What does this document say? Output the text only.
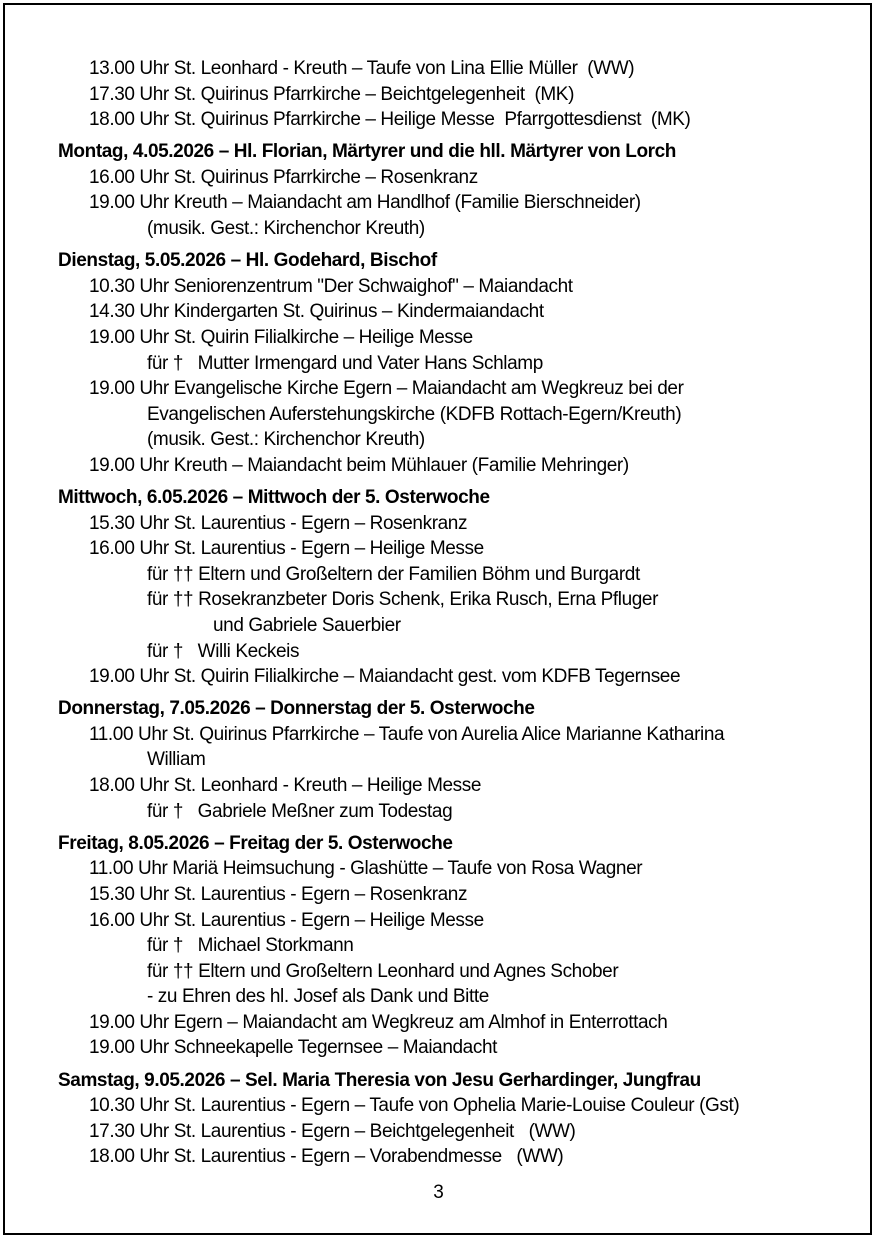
13.00 Uhr St. Leonhard - Kreuth – Taufe von Lina Ellie Müller  (WW)
17.30 Uhr St. Quirinus Pfarrkirche – Beichtgelegenheit  (MK)
18.00 Uhr St. Quirinus Pfarrkirche – Heilige Messe  Pfarrgottesdienst  (MK)
Montag, 4.05.2026 – Hl. Florian, Märtyrer und die hll. Märtyrer von Lorch
16.00 Uhr St. Quirinus Pfarrkirche – Rosenkranz
19.00 Uhr Kreuth – Maiandacht am Handlhof (Familie Bierschneider)
(musik. Gest.: Kirchenchor Kreuth)
Dienstag, 5.05.2026 – Hl. Godehard, Bischof
10.30 Uhr Seniorenzentrum "Der Schwaighof" – Maiandacht
14.30 Uhr Kindergarten St. Quirinus – Kindermaiandacht
19.00 Uhr St. Quirin Filialkirche – Heilige Messe
für †   Mutter Irmengard und Vater Hans Schlamp
19.00 Uhr Evangelische Kirche Egern – Maiandacht am Wegkreuz bei der
Evangelischen Auferstehungskirche (KDFB Rottach-Egern/Kreuth)
(musik. Gest.: Kirchenchor Kreuth)
19.00 Uhr Kreuth – Maiandacht beim Mühlauer (Familie Mehringer)
Mittwoch, 6.05.2026 – Mittwoch der 5. Osterwoche
15.30 Uhr St. Laurentius - Egern – Rosenkranz
16.00 Uhr St. Laurentius - Egern – Heilige Messe
für †† Eltern und Großeltern der Familien Böhm und Burgardt
für †† Rosekranzbeter Doris Schenk, Erika Rusch, Erna Pfluger
und Gabriele Sauerbier
für †   Willi Keckeis
19.00 Uhr St. Quirin Filialkirche – Maiandacht gest. vom KDFB Tegernsee
Donnerstag, 7.05.2026 – Donnerstag der 5. Osterwoche
11.00 Uhr St. Quirinus Pfarrkirche – Taufe von Aurelia Alice Marianne Katharina
William
18.00 Uhr St. Leonhard - Kreuth – Heilige Messe
für †   Gabriele Meßner zum Todestag
Freitag, 8.05.2026 – Freitag der 5. Osterwoche
11.00 Uhr Mariä Heimsuchung - Glashütte – Taufe von Rosa Wagner
15.30 Uhr St. Laurentius - Egern – Rosenkranz
16.00 Uhr St. Laurentius - Egern – Heilige Messe
für †   Michael Storkmann
für †† Eltern und Großeltern Leonhard und Agnes Schober
- zu Ehren des hl. Josef als Dank und Bitte
19.00 Uhr Egern – Maiandacht am Wegkreuz am Almhof in Enterrottach
19.00 Uhr Schneekapelle Tegernsee – Maiandacht
Samstag, 9.05.2026 – Sel. Maria Theresia von Jesu Gerhardinger, Jungfrau
10.30 Uhr St. Laurentius - Egern – Taufe von Ophelia Marie-Louise Couleur (Gst)
17.30 Uhr St. Laurentius - Egern – Beichtgelegenheit   (WW)
18.00 Uhr St. Laurentius - Egern – Vorabendmesse   (WW)
3
